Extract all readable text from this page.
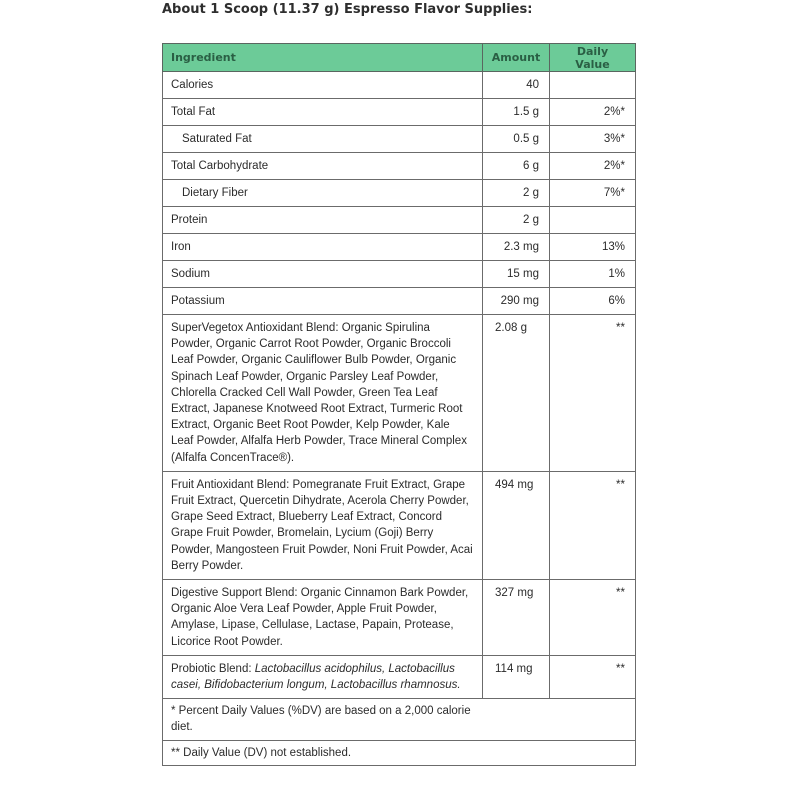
About 1 Scoop (11.37 g) Espresso Flavor Supplies:
Ingredient	Amount	Daily Value
Calories	40	
Total Fat	1.5 g	2%*
Saturated Fat	0.5 g	3%*
Total Carbohydrate	6 g	2%*
Dietary Fiber	2 g	7%*
Protein	2 g	
Iron	2.3 mg	13%
Sodium	15 mg	1%
Potassium	290 mg	6%
SuperVegetox Antioxidant Blend: Organic Spirulina Powder, Organic Carrot Root Powder, Organic Broccoli Leaf Powder, Organic Cauliflower Bulb Powder, Organic Spinach Leaf Powder, Organic Parsley Leaf Powder, Chlorella Cracked Cell Wall Powder, Green Tea Leaf Extract, Japanese Knotweed Root Extract, Turmeric Root Extract, Organic Beet Root Powder, Kelp Powder, Kale Leaf Powder, Alfalfa Herb Powder, Trace Mineral Complex (Alfalfa ConcenTrace®).	2.08 g	**
Fruit Antioxidant Blend: Pomegranate Fruit Extract, Grape Fruit Extract, Quercetin Dihydrate, Acerola Cherry Powder, Grape Seed Extract, Blueberry Leaf Extract, Concord Grape Fruit Powder, Bromelain, Lycium (Goji) Berry Powder, Mangosteen Fruit Powder, Noni Fruit Powder, Acai Berry Powder.	494 mg	**
Digestive Support Blend: Organic Cinnamon Bark Powder, Organic Aloe Vera Leaf Powder, Apple Fruit Powder, Amylase, Lipase, Cellulase, Lactase, Papain, Protease, Licorice Root Powder.	327 mg	**
Probiotic Blend: Lactobacillus acidophilus, Lactobacillus casei, Bifidobacterium longum, Lactobacillus rhamnosus.	114 mg	**

* Percent Daily Values (%DV) are based on a 2,000 calorie diet.		

** Daily Value (DV) not established.		
